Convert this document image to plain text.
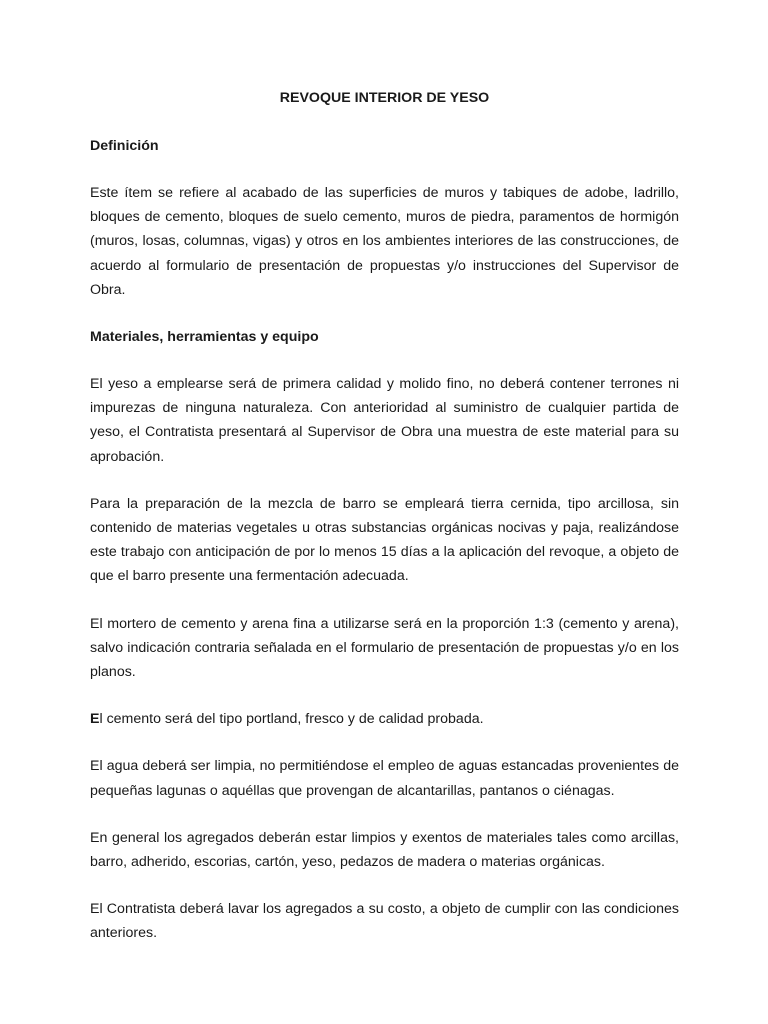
REVOQUE INTERIOR DE YESO
Definición

Este ítem se refiere al acabado de las superficies de muros y tabiques de adobe, ladrillo, bloques de cemento, bloques de suelo cemento, muros de piedra, paramentos de hormigón (muros, losas, columnas, vigas) y otros en los ambientes interiores de las construcciones, de acuerdo al formulario de presentación de propuestas y/o instrucciones del Supervisor de Obra.

Materiales, herramientas y equipo

El yeso a emplearse será de primera calidad y molido fino, no deberá contener terrones ni impurezas de ninguna naturaleza. Con anterioridad al suministro de cualquier partida de yeso, el Contratista presentará al Supervisor de Obra una muestra de este material para su aprobación.

Para la preparación de la mezcla de barro se empleará tierra cernida, tipo arcillosa, sin contenido de materias vegetales u otras substancias orgánicas nocivas y paja, realizándose este trabajo con anticipación de por lo menos 15 días a la aplicación del revoque, a objeto de que el barro presente una fermentación adecuada.

El mortero de cemento y arena fina a utilizarse será en la proporción 1:3 (cemento y arena), salvo indicación contraria señalada en el formulario de presentación de propuestas y/o en los planos.

El cemento será del tipo portland, fresco y de calidad probada.

El agua deberá ser limpia, no permitiéndose el empleo de aguas estancadas provenientes de pequeñas lagunas o aquéllas que provengan de alcantarillas, pantanos o ciénagas.

En general los agregados deberán estar limpios y exentos de materiales tales como arcillas, barro, adherido, escorias, cartón, yeso, pedazos de madera o materias orgánicas.

El Contratista deberá lavar los agregados a su costo, a objeto de cumplir con las condiciones anteriores.
